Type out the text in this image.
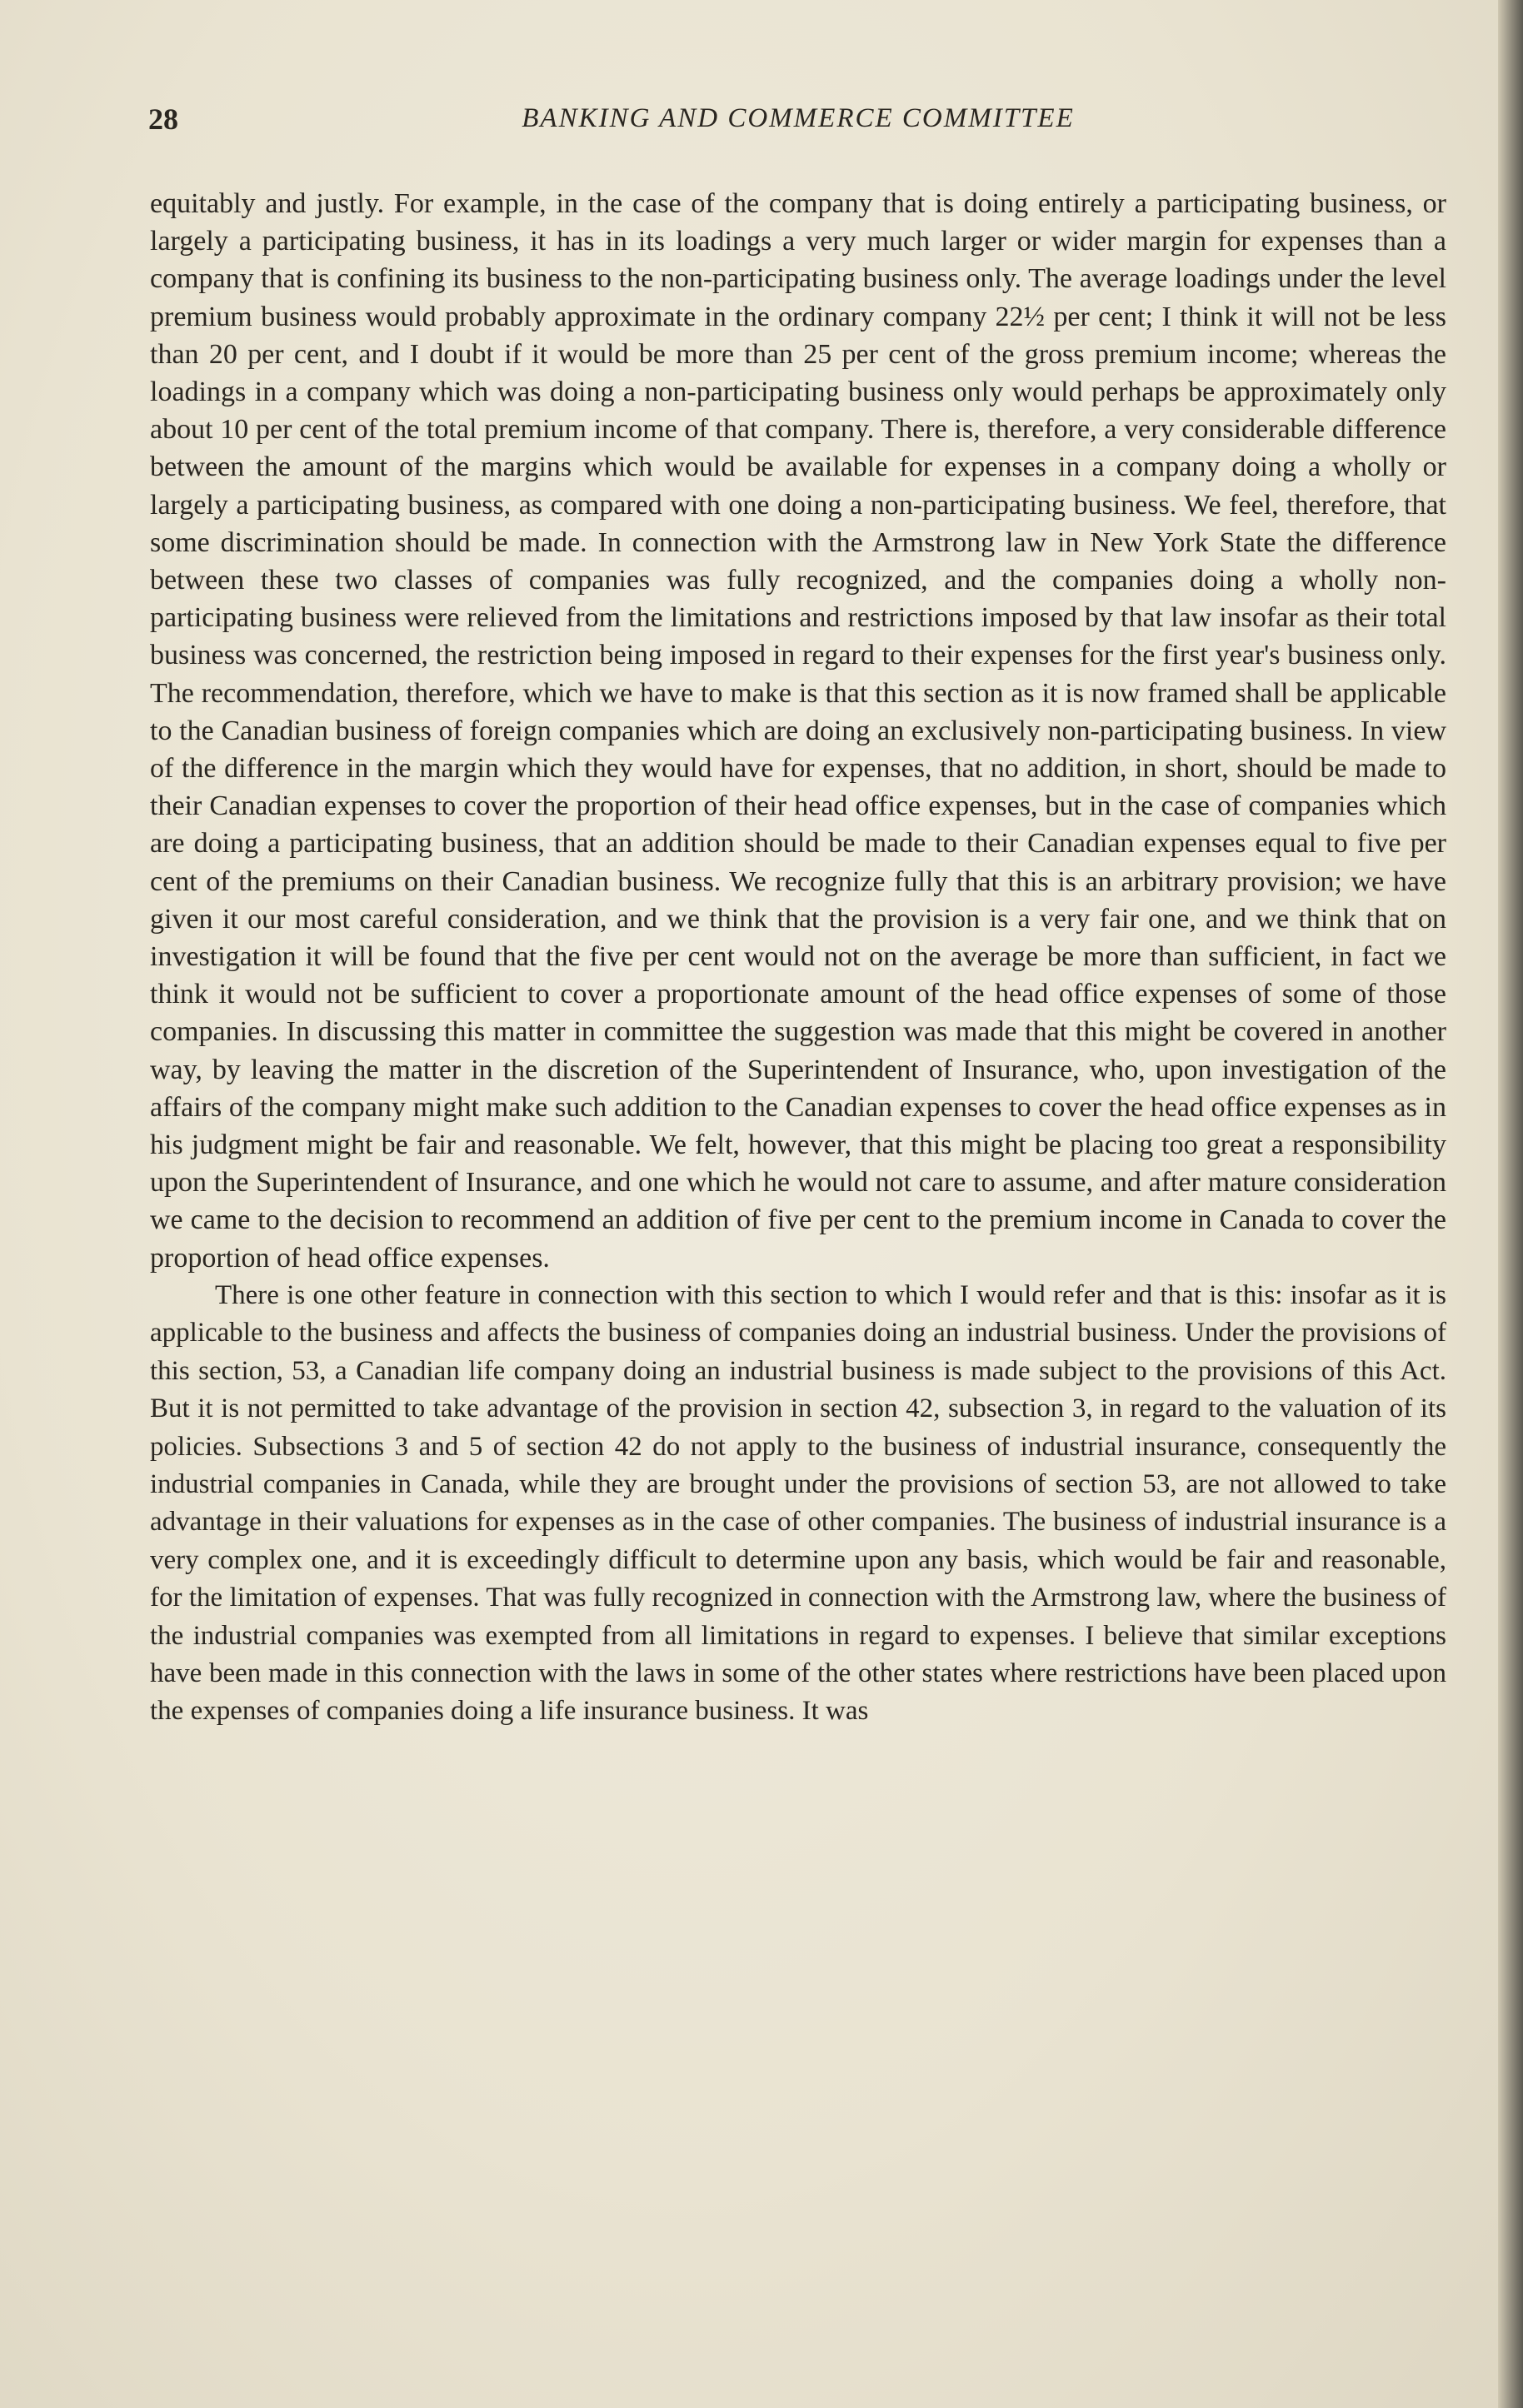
28	BANKING AND COMMERCE COMMITTEE

equitably and justly. For example, in the case of the company that is doing entirely a participating business, or largely a participating business, it has in its loadings a very much larger or wider margin for expenses than a company that is confining its business to the non-participating business only. The average loadings under the level premium business would probably approximate in the ordinary company 22½ per cent; I think it will not be less than 20 per cent, and I doubt if it would be more than 25 per cent of the gross premium income; whereas the loadings in a company which was doing a non-participating business only would perhaps be approximately only about 10 per cent of the total premium income of that company. There is, therefore, a very considerable difference between the amount of the margins which would be available for expenses in a company doing a wholly or largely a participating business, as compared with one doing a non-participating business. We feel, therefore, that some discrimination should be made. In connection with the Armstrong law in New York State the difference between these two classes of companies was fully recognized, and the companies doing a wholly non-participating business were relieved from the limitations and restrictions imposed by that law insofar as their total business was concerned, the restriction being imposed in regard to their expenses for the first year's business only. The recommendation, therefore, which we have to make is that this section as it is now framed shall be applicable to the Canadian business of foreign companies which are doing an exclusively non-participating business. In view of the difference in the margin which they would have for expenses, that no addition, in short, should be made to their Canadian expenses to cover the proportion of their head office expenses, but in the case of companies which are doing a participating business, that an addition should be made to their Canadian expenses equal to five per cent of the premiums on their Canadian business. We recognize fully that this is an arbitrary provision; we have given it our most careful consideration, and we think that the provision is a very fair one, and we think that on investigation it will be found that the five per cent would not on the average be more than sufficient, in fact we think it would not be sufficient to cover a proportionate amount of the head office expenses of some of those companies. In discussing this matter in committee the suggestion was made that this might be covered in another way, by leaving the matter in the discretion of the Superintendent of Insurance, who, upon investigation of the affairs of the company might make such addition to the Canadian expenses to cover the head office expenses as in his judgment might be fair and reasonable. We felt, however, that this might be placing too great a responsibility upon the Superintendent of Insurance, and one which he would not care to assume, and after mature consideration we came to the decision to recommend an addition of five per cent to the premium income in Canada to cover the proportion of head office expenses.

There is one other feature in connection with this section to which I would refer and that is this: insofar as it is applicable to the business and affects the business of companies doing an industrial business. Under the provisions of this section, 53, a Canadian life company doing an industrial business is made subject to the provisions of this Act. But it is not permitted to take advantage of the provision in section 42, subsection 3, in regard to the valuation of its policies. Subsections 3 and 5 of section 42 do not apply to the business of industrial insurance, consequently the industrial companies in Canada, while they are brought under the provisions of section 53, are not allowed to take advantage in their valuations for expenses as in the case of other companies. The business of industrial insurance is a very complex one, and it is exceedingly difficult to determine upon any basis, which would be fair and reasonable, for the limitation of expenses. That was fully recognized in connection with the Armstrong law, where the business of the industrial companies was exempted from all limitations in regard to expenses. I believe that similar exceptions have been made in this connection with the laws in some of the other states where restrictions have been placed upon the expenses of companies doing a life insurance business. It was
